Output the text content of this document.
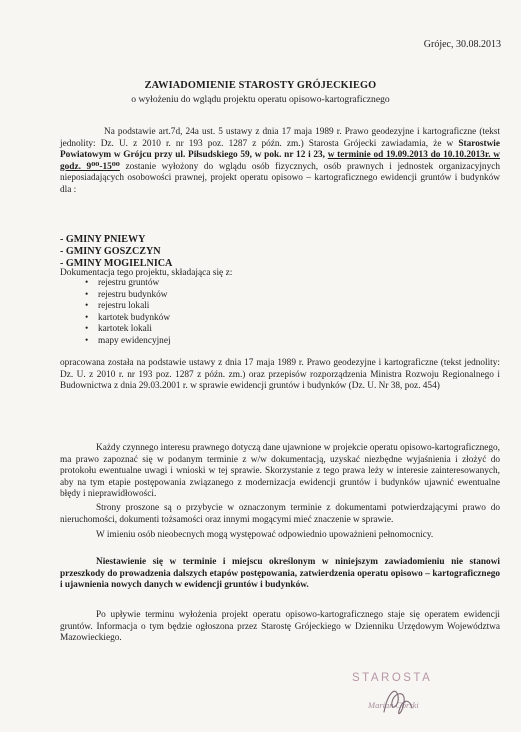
Grójec, 30.08.2013
ZAWIADOMIENIE STAROSTY GRÓJECKIEGO
o wyłożeniu do wglądu projektu operatu opisowo-kartograficznego
Na podstawie art.7d, 24a ust. 5 ustawy z dnia 17 maja 1989 r. Prawo geodezyjne i kartograficzne (tekst jednolity: Dz. U. z 2010 r. nr 193 poz. 1287 z późn. zm.) Starosta Grójecki zawiadamia, że w Starostwie Powiatowym w Grójcu przy ul. Piłsudskiego 59, w pok. nr 12 i 23, w terminie od 19.09.2013 do 10.10.2013r. w godz. 9⁰⁰-15⁰⁰ zostanie wyłożony do wglądu osób fizycznych, osób prawnych i jednostek organizacyjnych nieposiadających osobowości prawnej, projekt operatu opisowo – kartograficznego ewidencji gruntów i budynków dla :
- GMINY PNIEWY
- GMINY GOSZCZYN
- GMINY MOGIELNICA
Dokumentacja tego projektu, składająca się z:
• rejestru gruntów
• rejestru budynków
• rejestru lokali
• kartotek budynków
• kartotek lokali
• mapy ewidencyjnej
opracowana została na podstawie ustawy z dnia 17 maja 1989 r. Prawo geodezyjne i kartograficzne (tekst jednolity: Dz. U. z 2010 r. nr 193 poz. 1287 z późn. zm.) oraz przepisów rozporządzenia Ministra Rozwoju Regionalnego i Budownictwa z dnia 29.03.2001 r. w sprawie ewidencji gruntów i budynków (Dz. U. Nr 38, poz. 454)
Każdy czynnego interesu prawnego dotyczą dane ujawnione w projekcie operatu opisowo-kartograficznego, ma prawo zapoznać się w podanym terminie z w/w dokumentacją, uzyskać niezbędne wyjaśnienia i złożyć do protokołu ewentualne uwagi i wnioski w tej sprawie. Skorzystanie z tego prawa leży w interesie zainteresowanych, aby na tym etapie postępowania związanego z modernizacja ewidencji gruntów i budynków ujawnić ewentualne błędy i nieprawidłowości.
Strony proszone są o przybycie w oznaczonym terminie z dokumentami potwierdzającymi prawo do nieruchomości, dokumenti tożsamości oraz innymi mogącymi mieć znaczenie w sprawie.
W imieniu osób nieobecnych mogą występować odpowiednio upoważnieni pełnomocnicy.
Niestawienie się w terminie i miejscu określonym w niniejszym zawiadomieniu nie stanowi przeszkody do prowadzenia dalszych etapów postępowania, zatwierdzenia operatu opisowo – kartograficznego i ujawnienia nowych danych w ewidencji gruntów i budynków.
Po upływie terminu wyłożenia projekt operatu opisowo-kartograficznego staje się operatem ewidencji gruntów. Informacja o tym będzie ogłoszona przez Starostę Grójeckiego w Dzienniku Urzędowym Województwa Mazowieckiego.
STAROSTA
Marian Górski
